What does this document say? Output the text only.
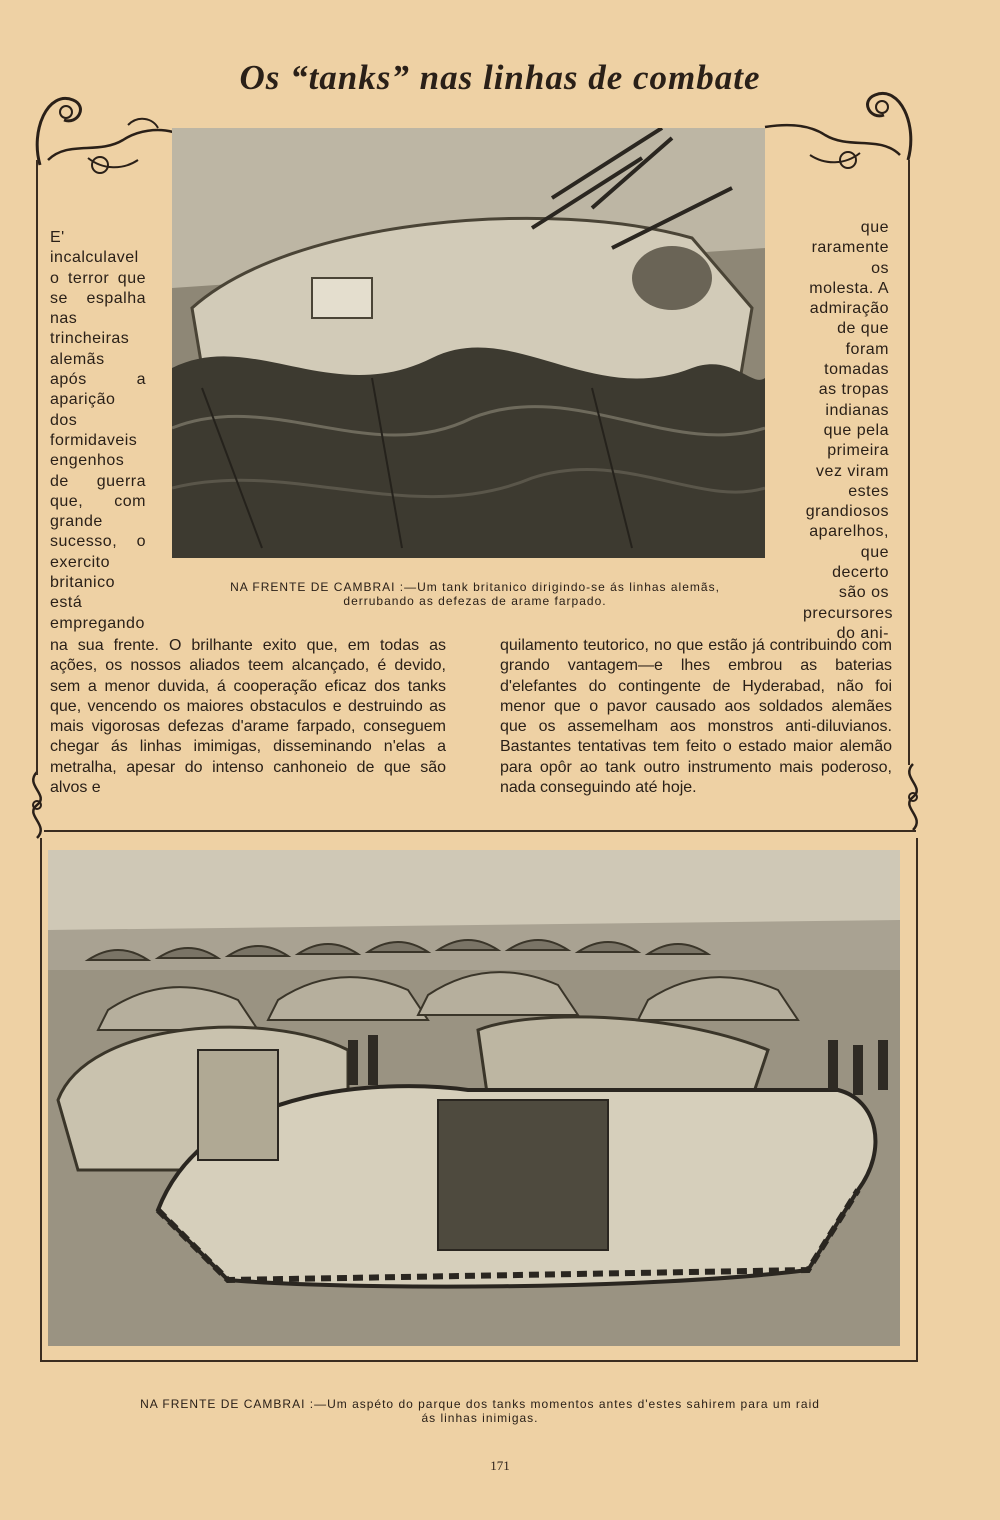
Os “tanks” nas linhas de combate
NA FRENTE DE CAMBRAI :—Um tank britanico dirigindo-se ás linhas alemãs,
derrubando as defezas de arame farpado.
E' incalculavel o terror que se espalha nas trincheiras alemãs após a aparição dos formidaveis engenhos de guerra que, com grande sucesso, o exercito britanico está empregando
que raramente os molesta. A admiração de que foram tomadas as tropas indianas que pela primeira vez viram estes grandiosos aparelhos, que decerto são os precursores do ani-
na sua frente. O brilhante exito que, em todas as ações, os nossos aliados teem alcançado, é devido, sem a menor duvida, á cooperação eficaz dos tanks que, vencendo os maiores obstaculos e destruindo as mais vigorosas defezas d'arame farpado, conseguem chegar ás linhas imimigas, disseminando n'elas a metralha, apesar do intenso canhoneio de que são alvos e
quilamento teutorico, no que estão já contribuindo com grando vantagem—e lhes embrou as baterias d'elefantes do contingente de Hyderabad, não foi menor que o pavor causado aos soldados alemães que os assemelham aos monstros anti-diluvianos. Bastantes tentativas tem feito o estado maior alemão para opôr ao tank outro instrumento mais poderoso, nada conseguindo até hoje.
NA FRENTE DE CAMBRAI :—Um aspéto do parque dos tanks momentos antes d'estes sahirem para um raid
ás linhas inimigas.
171
